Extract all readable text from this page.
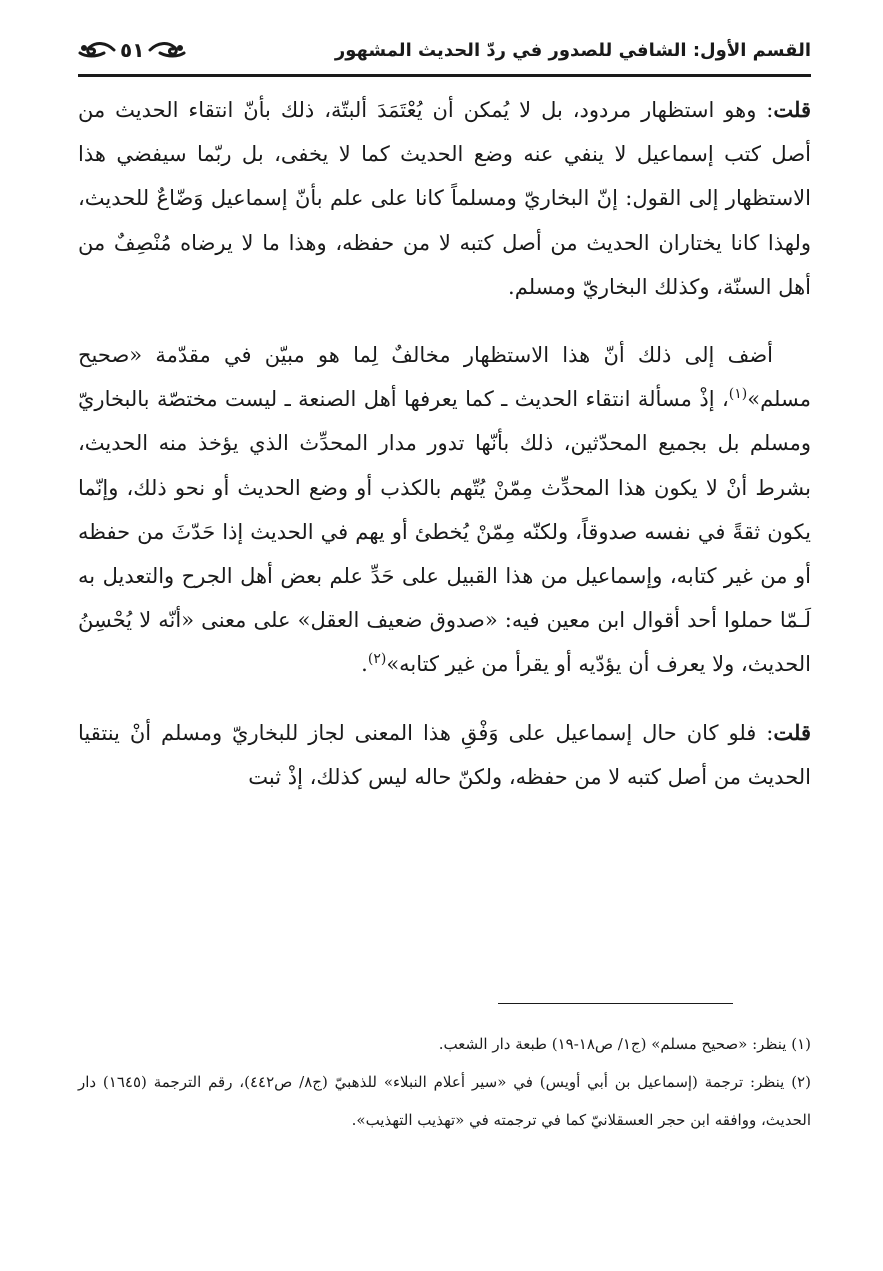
٥١	القسم الأول: الشافي للصدور في ردّ الحديث المشهور

قلت: وهو استظهار مردود، بل لا يُمكن أن يُعْتَمَدَ ألبتّة، ذلك بأنّ انتقاء الحديث من أصل كتب إسماعيل لا ينفي عنه وضع الحديث كما لا يخفى، بل ربّما سيفضي هذا الاستظهار إلى القول: إنّ البخاريّ ومسلماً كانا على علم بأنّ إسماعيل وَضّاعٌ للحديث، ولهذا كانا يختاران الحديث من أصل كتبه لا من حفظه، وهذا ما لا يرضاه مُنْصِفٌ من أهل السنّة، وكذلك البخاريّ ومسلم.

أضف إلى ذلك أنّ هذا الاستظهار مخالفٌ لِما هو مبيّن في مقدّمة «صحيح مسلم»$^{(١)}$، إذْ مسألة انتقاء الحديث ـ كما يعرفها أهل الصنعة ـ ليست مختصّة بالبخاريّ ومسلم بل بجميع المحدّثين، ذلك بأنّها تدور مدار المحدِّث الذي يؤخذ منه الحديث، بشرط أنْ لا يكون هذا المحدِّث مِمّنْ يُتّهم بالكذب أو وضع الحديث أو نحو ذلك، وإنّما يكون ثقةً في نفسه صدوقاً، ولكنّه مِمّنْ يُخطئ أو يهم في الحديث إذا حَدّثَ من حفظه أو من غير كتابه، وإسماعيل من هذا القبيل على حَدِّ علم بعض أهل الجرح والتعديل به لَـمّا حملوا أحد أقوال ابن معين فيه: «صدوق ضعيف العقل» على معنى «أنّه لا يُحْسِنُ الحديث، ولا يعرف أن يؤدّيه أو يقرأ من غير كتابه»$^{(٢)}$.

قلت: فلو كان حال إسماعيل على وَفْقِ هذا المعنى لجاز للبخاريّ ومسلم أنْ ينتقيا الحديث من أصل كتبه لا من حفظه، ولكنّ حاله ليس كذلك، إذْ ثبت

(١) ينظر: «صحيح مسلم» (ج١/ ص١٨-١٩) طبعة دار الشعب.

(٢) ينظر: ترجمة (إسماعيل بن أبي أويس) في «سير أعلام النبلاء» للذهبيّ (ج٨/ ص٤٤٢)، رقم الترجمة (١٦٤٥) دار الحديث، ووافقه ابن حجر العسقلانيّ كما في ترجمته في «تهذيب التهذيب».
